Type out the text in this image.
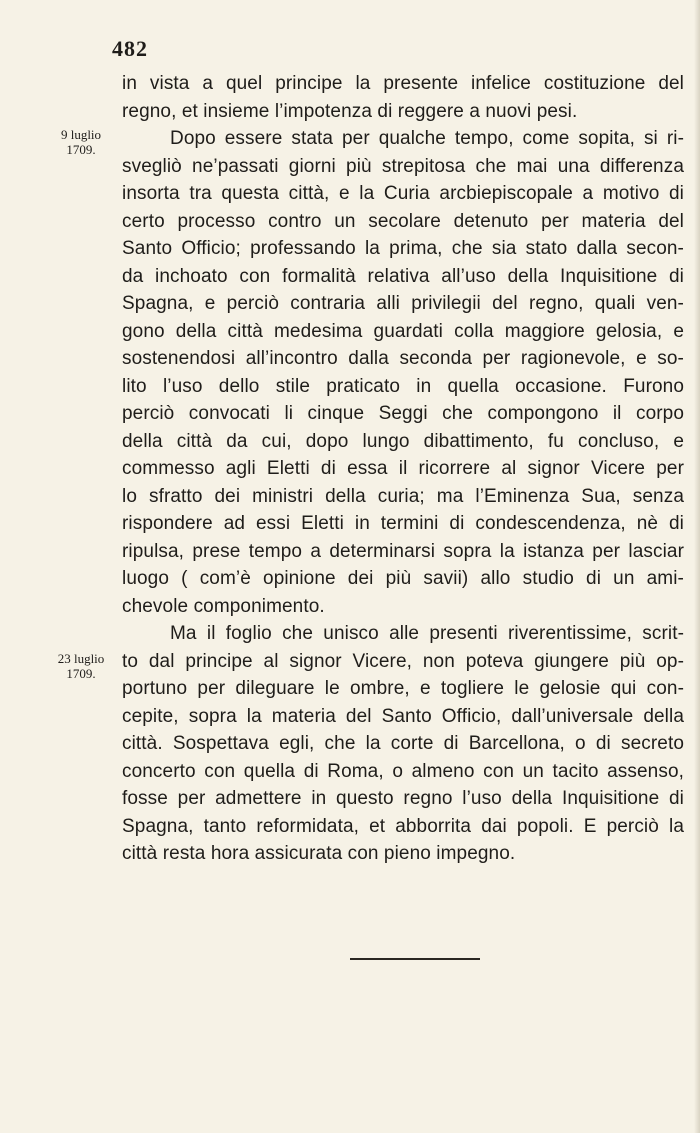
482
9 luglio
1709.
23 luglio
1709.
in vista a quel principe la presente infelice costituzione del
regno, et insieme l’impotenza di reggere a nuovi pesi.
Dopo essere stata per qualche tempo, come sopita, si ri-
svegliò ne’passati giorni più strepitosa che mai una differenza
insorta tra questa città, e la Curia arcbiepiscopale a motivo di
certo processo contro un secolare detenuto per materia del
Santo Officio; professando la prima, che sia stato dalla secon-
da inchoato con formalità relativa all’uso della Inquisitione di
Spagna, e perciò contraria alli privilegii del regno, quali ven-
gono della città medesima guardati colla maggiore gelosia, e
sostenendosi all’incontro dalla seconda per ragionevole, e so-
lito l’uso dello stile praticato in quella occasione. Furono
perciò convocati li cinque Seggi che compongono il corpo
della città da cui, dopo lungo dibattimento, fu concluso, e
commesso agli Eletti di essa il ricorrere al signor Vicere per
lo sfratto dei ministri della curia; ma l’Eminenza Sua, senza
rispondere ad essi Eletti in termini di condescendenza, nè di
ripulsa, prese tempo a determinarsi sopra la istanza per lasciar
luogo ( com’è opinione dei più savii) allo studio di un ami-
chevole componimento.
Ma il foglio che unisco alle presenti riverentissime, scrit-
to dal principe al signor Vicere, non poteva giungere più op-
portuno per dileguare le ombre, e togliere le gelosie qui con-
cepite, sopra la materia del Santo Officio, dall’universale della
città. Sospettava egli, che la corte di Barcellona, o di secreto
concerto con quella di Roma, o almeno con un tacito assenso,
fosse per admettere in questo regno l’uso della Inquisitione di
Spagna, tanto reformidata, et abborrita dai popoli. E perciò la
città resta hora assicurata con pieno impegno.
